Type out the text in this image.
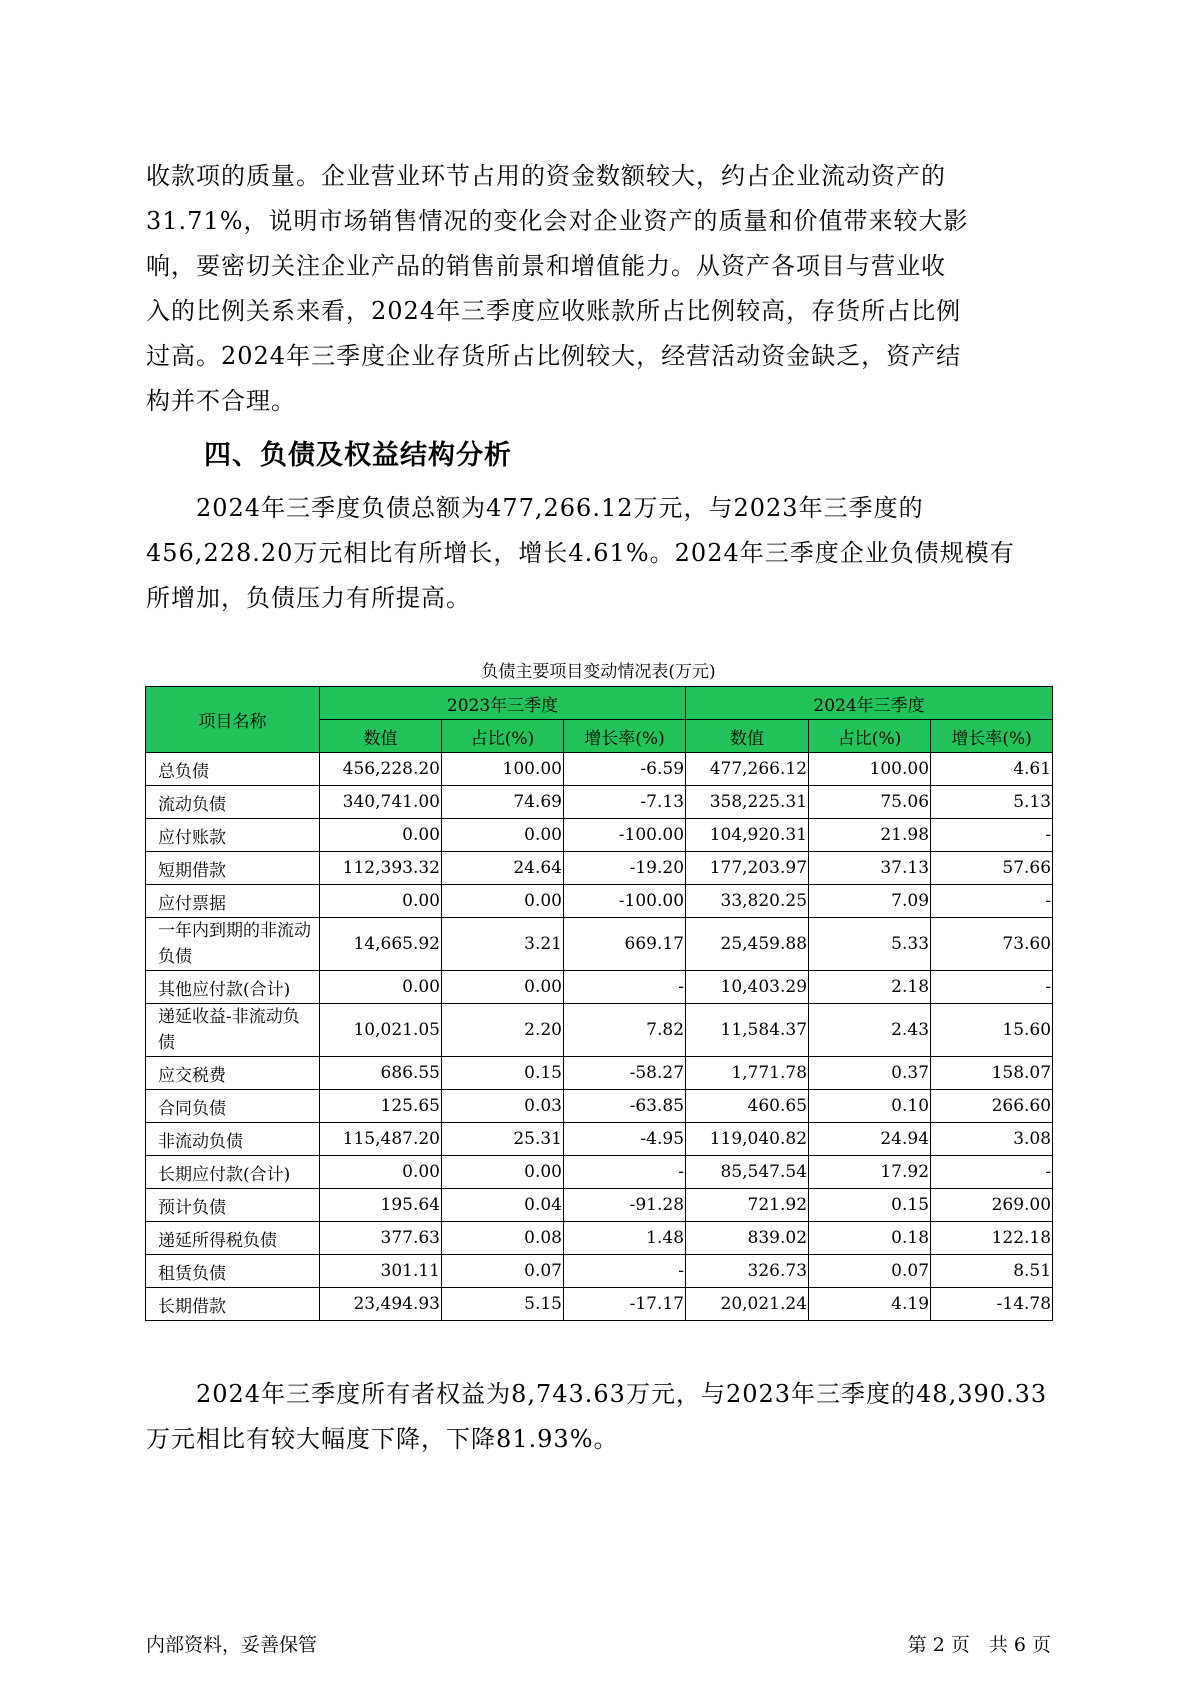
收款项的质量。企业营业环节占用的资金数额较大，约占企业流动资产的
31.71%，说明市场销售情况的变化会对企业资产的质量和价值带来较大影
响，要密切关注企业产品的销售前景和增值能力。从资产各项目与营业收
入的比例关系来看，2024年三季度应收账款所占比例较高，存货所占比例
过高。2024年三季度企业存货所占比例较大，经营活动资金缺乏，资产结
构并不合理。
四、负债及权益结构分析
　　2024年三季度负债总额为477,266.12万元，与2023年三季度的
456,228.20万元相比有所增长，增长4.61%。2024年三季度企业负债规模有
所增加，负债压力有所提高。
负债主要项目变动情况表(万元)
项目名称	2023年三季度			2024年三季度		
	数值	占比(%)	增长率(%)	数值	占比(%)	增长率(%)
总负债	456,228.20	100.00	-6.59	477,266.12	100.00	4.61
流动负债	340,741.00	74.69	-7.13	358,225.31	75.06	5.13
应付账款	0.00	0.00	-100.00	104,920.31	21.98	-
短期借款	112,393.32	24.64	-19.20	177,203.97	37.13	57.66
应付票据	0.00	0.00	-100.00	33,820.25	7.09	-
一年内到期的非流动负债	14,665.92	3.21	669.17	25,459.88	5.33	73.60
其他应付款(合计)	0.00	0.00	-	10,403.29	2.18	-
递延收益-非流动负债	10,021.05	2.20	7.82	11,584.37	2.43	15.60
应交税费	686.55	0.15	-58.27	1,771.78	0.37	158.07
合同负债	125.65	0.03	-63.85	460.65	0.10	266.60
非流动负债	115,487.20	25.31	-4.95	119,040.82	24.94	3.08
长期应付款(合计)	0.00	0.00	-	85,547.54	17.92	-
预计负债	195.64	0.04	-91.28	721.92	0.15	269.00
递延所得税负债	377.63	0.08	1.48	839.02	0.18	122.18
租赁负债	301.11	0.07	-	326.73	0.07	8.51
长期借款	23,494.93	5.15	-17.17	20,021.24	4.19	-14.78
　　2024年三季度所有者权益为8,743.63万元，与2023年三季度的48,390.33
万元相比有较大幅度下降，下降81.93%。
内部资料，妥善保管	第 2 页　共 6 页
